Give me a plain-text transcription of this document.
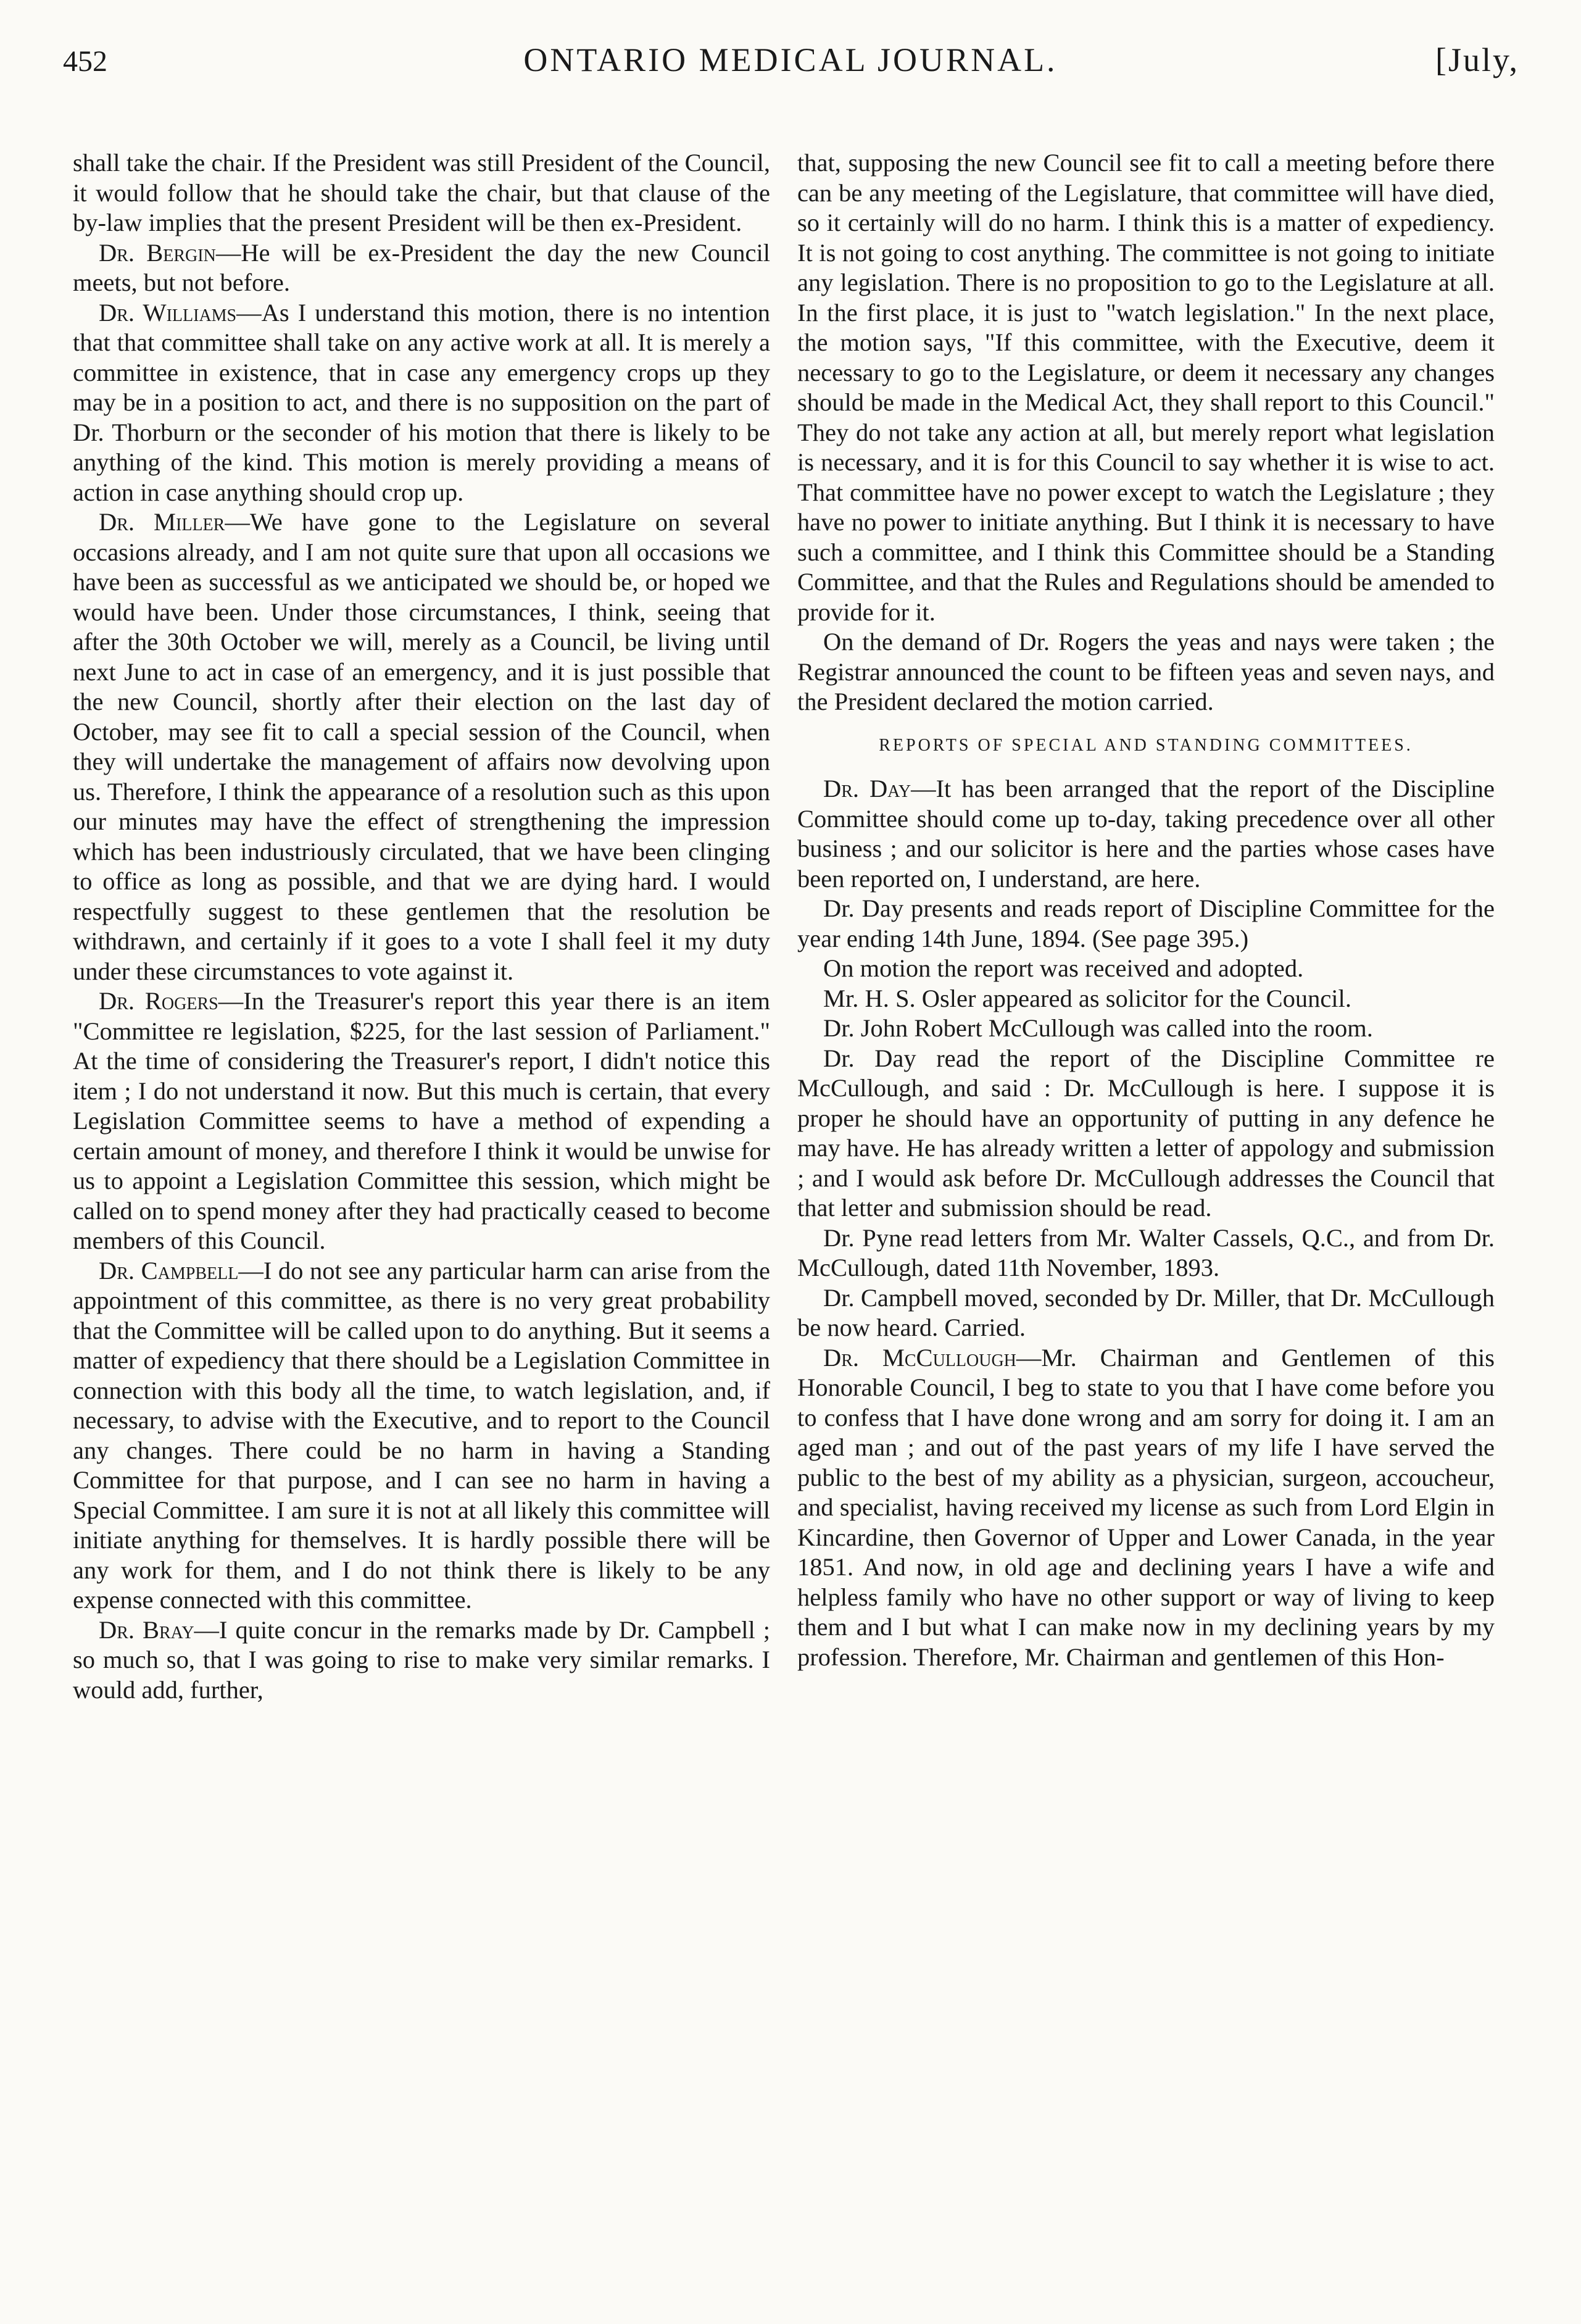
452	ONTARIO MEDICAL JOURNAL.	[July,

shall take the chair. If the President was still President of the Council, it would follow that he should take the chair, but that clause of the by-law implies that the present President will be then ex-President.

Dr. Bergin—He will be ex-President the day the new Council meets, but not before.

Dr. Williams—As I understand this motion, there is no intention that that committee shall take on any active work at all. It is merely a committee in existence, that in case any emergency crops up they may be in a position to act, and there is no supposition on the part of Dr. Thorburn or the seconder of his motion that there is likely to be anything of the kind. This motion is merely providing a means of action in case anything should crop up.

Dr. Miller—We have gone to the Legislature on several occasions already, and I am not quite sure that upon all occasions we have been as successful as we anticipated we should be, or hoped we would have been. Under those circumstances, I think, seeing that after the 30th October we will, merely as a Council, be living until next June to act in case of an emergency, and it is just possible that the new Council, shortly after their election on the last day of October, may see fit to call a special session of the Council, when they will undertake the management of affairs now devolving upon us. Therefore, I think the appearance of a resolution such as this upon our minutes may have the effect of strengthening the impression which has been industriously circulated, that we have been clinging to office as long as possible, and that we are dying hard. I would respectfully suggest to these gentlemen that the resolution be withdrawn, and certainly if it goes to a vote I shall feel it my duty under these circumstances to vote against it.

Dr. Rogers—In the Treasurer's report this year there is an item "Committee re legislation, $225, for the last session of Parliament." At the time of considering the Treasurer's report, I didn't notice this item ; I do not understand it now. But this much is certain, that every Legislation Committee seems to have a method of expending a certain amount of money, and therefore I think it would be unwise for us to appoint a Legislation Committee this session, which might be called on to spend money after they had practically ceased to become members of this Council.

Dr. Campbell—I do not see any particular harm can arise from the appointment of this committee, as there is no very great probability that the Committee will be called upon to do anything. But it seems a matter of expediency that there should be a Legislation Committee in connection with this body all the time, to watch legislation, and, if necessary, to advise with the Executive, and to report to the Council any changes. There could be no harm in having a Standing Committee for that purpose, and I can see no harm in having a Special Committee. I am sure it is not at all likely this committee will initiate anything for themselves. It is hardly possible there will be any work for them, and I do not think there is likely to be any expense connected with this committee.

Dr. Bray—I quite concur in the remarks made by Dr. Campbell ; so much so, that I was going to rise to make very similar remarks. I would add, further,

that, supposing the new Council see fit to call a meeting before there can be any meeting of the Legislature, that committee will have died, so it certainly will do no harm. I think this is a matter of expediency. It is not going to cost anything. The committee is not going to initiate any legislation. There is no proposition to go to the Legislature at all. In the first place, it is just to "watch legislation." In the next place, the motion says, "If this committee, with the Executive, deem it necessary to go to the Legislature, or deem it necessary any changes should be made in the Medical Act, they shall report to this Council." They do not take any action at all, but merely report what legislation is necessary, and it is for this Council to say whether it is wise to act. That committee have no power except to watch the Legislature ; they have no power to initiate anything. But I think it is necessary to have such a committee, and I think this Committee should be a Standing Committee, and that the Rules and Regulations should be amended to provide for it.

On the demand of Dr. Rogers the yeas and nays were taken ; the Registrar announced the count to be fifteen yeas and seven nays, and the President declared the motion carried.

REPORTS OF SPECIAL AND STANDING COMMITTEES.

Dr. Day—It has been arranged that the report of the Discipline Committee should come up to-day, taking precedence over all other business ; and our solicitor is here and the parties whose cases have been reported on, I understand, are here.

Dr. Day presents and reads report of Discipline Committee for the year ending 14th June, 1894. (See page 395.)

On motion the report was received and adopted.

Mr. H. S. Osler appeared as solicitor for the Council.

Dr. John Robert McCullough was called into the room.

Dr. Day read the report of the Discipline Committee re McCullough, and said : Dr. McCullough is here. I suppose it is proper he should have an opportunity of putting in any defence he may have. He has already written a letter of appology and submission ; and I would ask before Dr. McCullough addresses the Council that that letter and submission should be read.

Dr. Pyne read letters from Mr. Walter Cassels, Q.C., and from Dr. McCullough, dated 11th November, 1893.

Dr. Campbell moved, seconded by Dr. Miller, that Dr. McCullough be now heard. Carried.

Dr. McCullough—Mr. Chairman and Gentlemen of this Honorable Council, I beg to state to you that I have come before you to confess that I have done wrong and am sorry for doing it. I am an aged man ; and out of the past years of my life I have served the public to the best of my ability as a physician, surgeon, accoucheur, and specialist, having received my license as such from Lord Elgin in Kincardine, then Governor of Upper and Lower Canada, in the year 1851. And now, in old age and declining years I have a wife and helpless family who have no other support or way of living to keep them and I but what I can make now in my declining years by my profession. Therefore, Mr. Chairman and gentlemen of this Hon-
